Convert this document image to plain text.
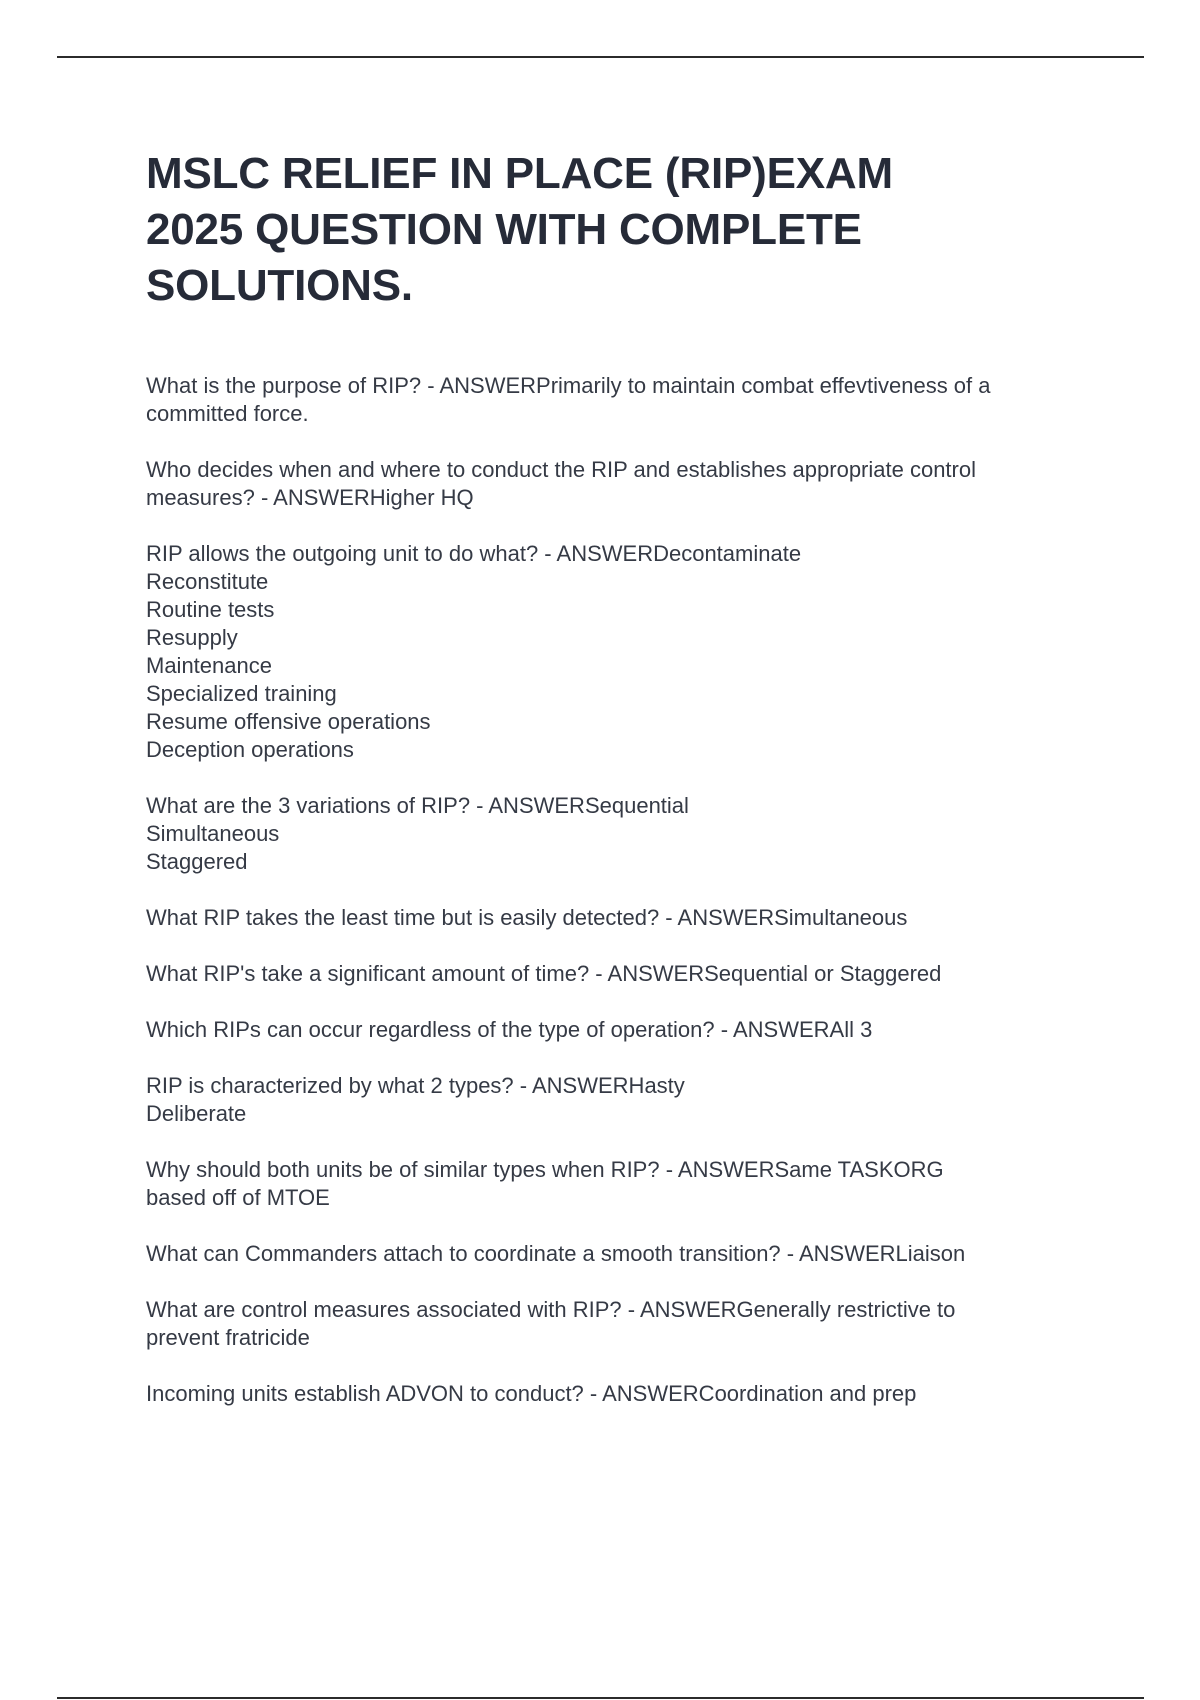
MSLC RELIEF IN PLACE (RIP)EXAM
2025 QUESTION WITH COMPLETE
SOLUTIONS.

What is the purpose of RIP? - ANSWERPrimarily to maintain combat effevtiveness of a
committed force.

Who decides when and where to conduct the RIP and establishes appropriate control
measures? - ANSWERHigher HQ

RIP allows the outgoing unit to do what? - ANSWERDecontaminate
Reconstitute
Routine tests
Resupply
Maintenance
Specialized training
Resume offensive operations
Deception operations

What are the 3 variations of RIP? - ANSWERSequential
Simultaneous
Staggered

What RIP takes the least time but is easily detected? - ANSWERSimultaneous

What RIP's take a significant amount of time? - ANSWERSequential or Staggered

Which RIPs can occur regardless of the type of operation? - ANSWERAll 3

RIP is characterized by what 2 types? - ANSWERHasty
Deliberate

Why should both units be of similar types when RIP? - ANSWERSame TASKORG
based off of MTOE

What can Commanders attach to coordinate a smooth transition? - ANSWERLiaison

What are control measures associated with RIP? - ANSWERGenerally restrictive to
prevent fratricide

Incoming units establish ADVON to conduct? - ANSWERCoordination and prep
